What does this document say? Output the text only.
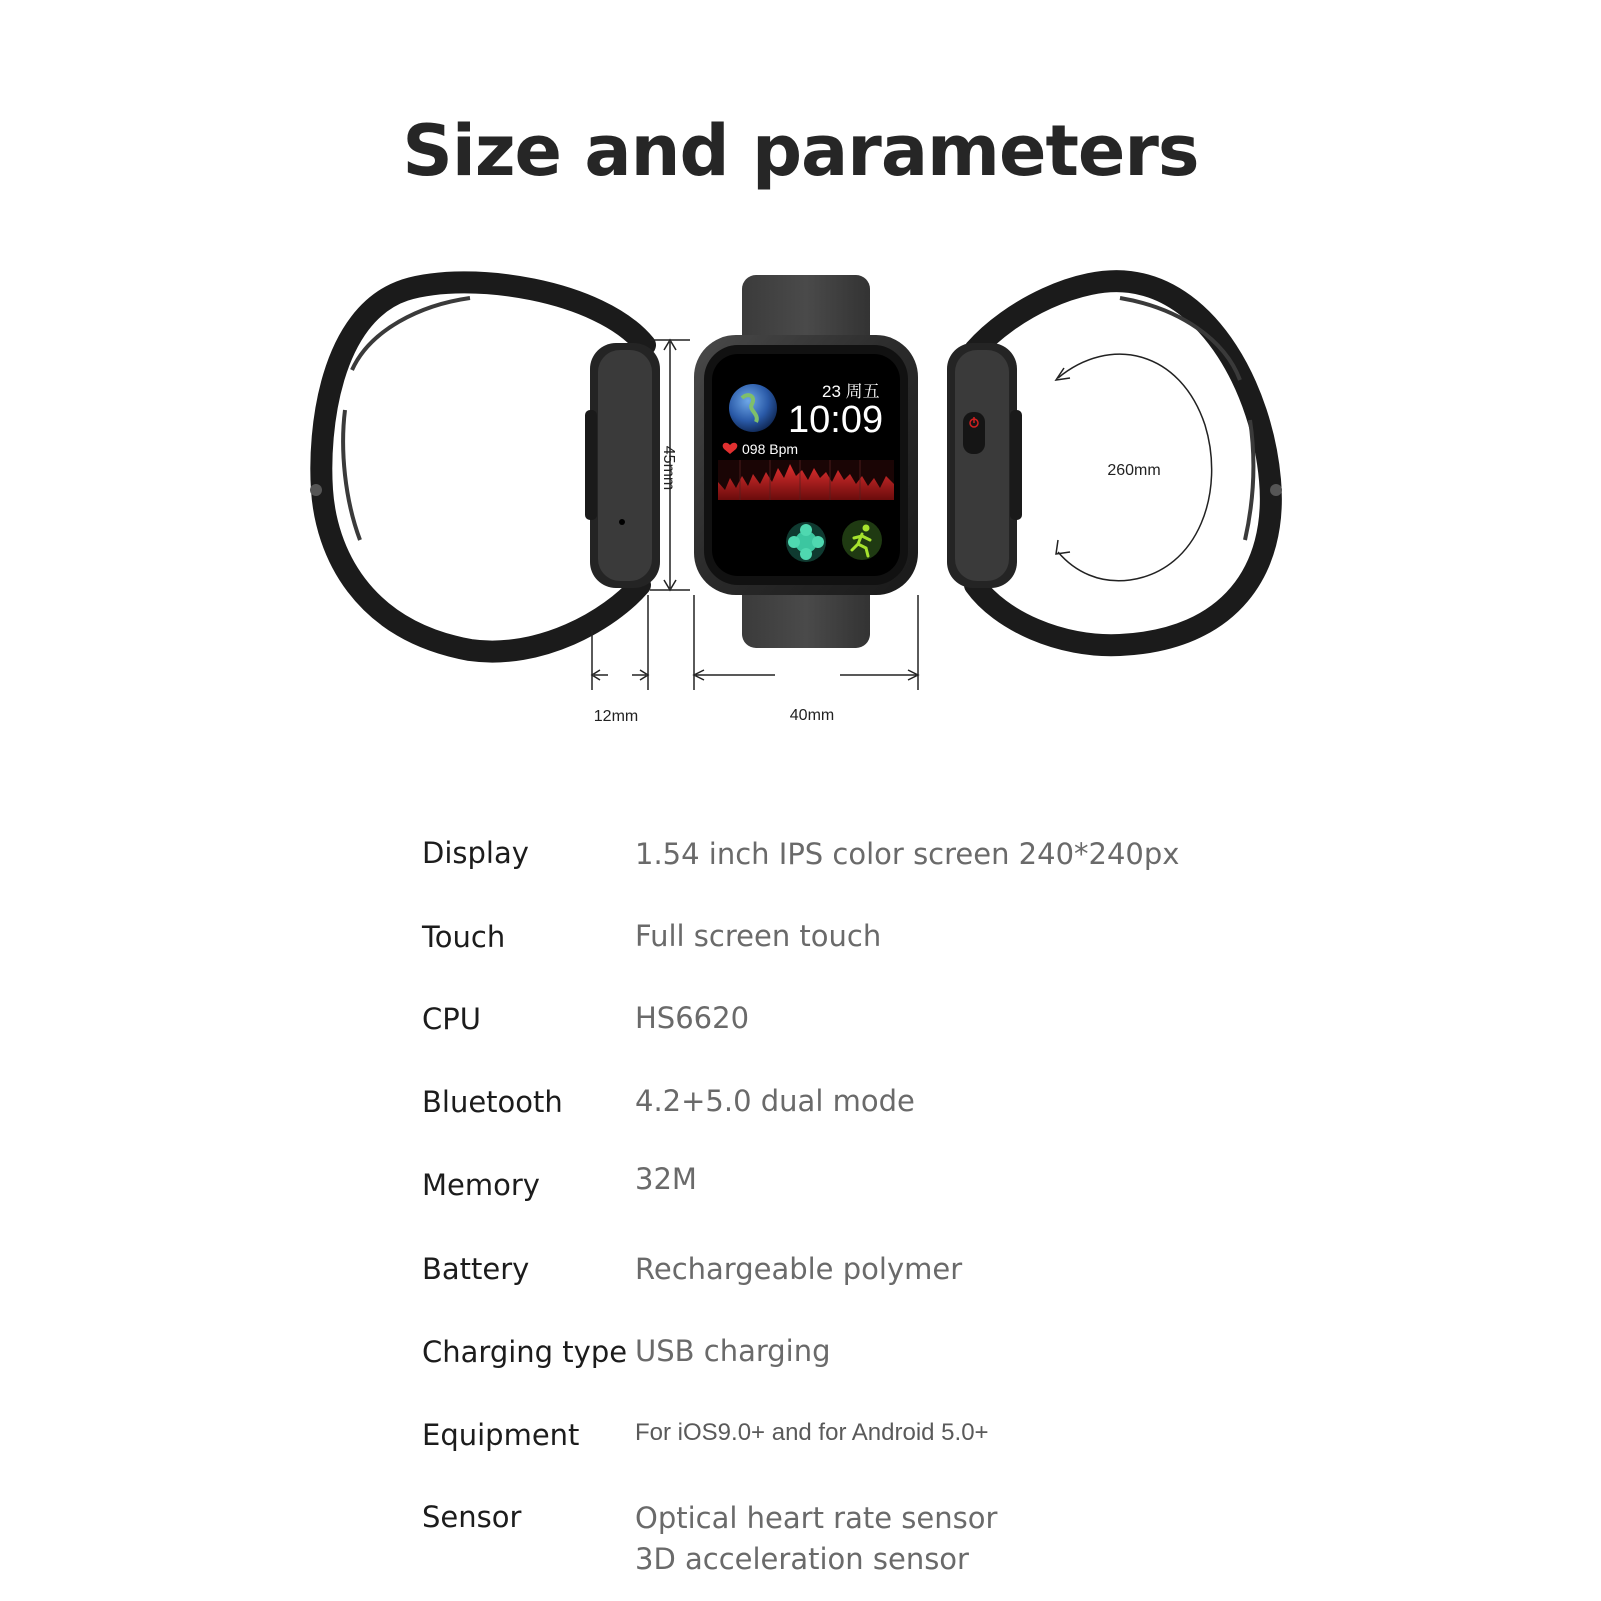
Size and parameters
23 周五
10:09
098 Bpm
45mm
12mm	40mm
260mm
Display	1.54 inch IPS color screen 240*240px
Touch	Full screen touch
CPU	HS6620
Bluetooth 4.2+5.0 dual mode
Memory	32M
Battery	Rechargeable polymer
Charging type USB charging
Equipment For iOS9.0+ and for Android 5.0+
Sensor	Optical heart rate sensor
3D acceleration sensor
